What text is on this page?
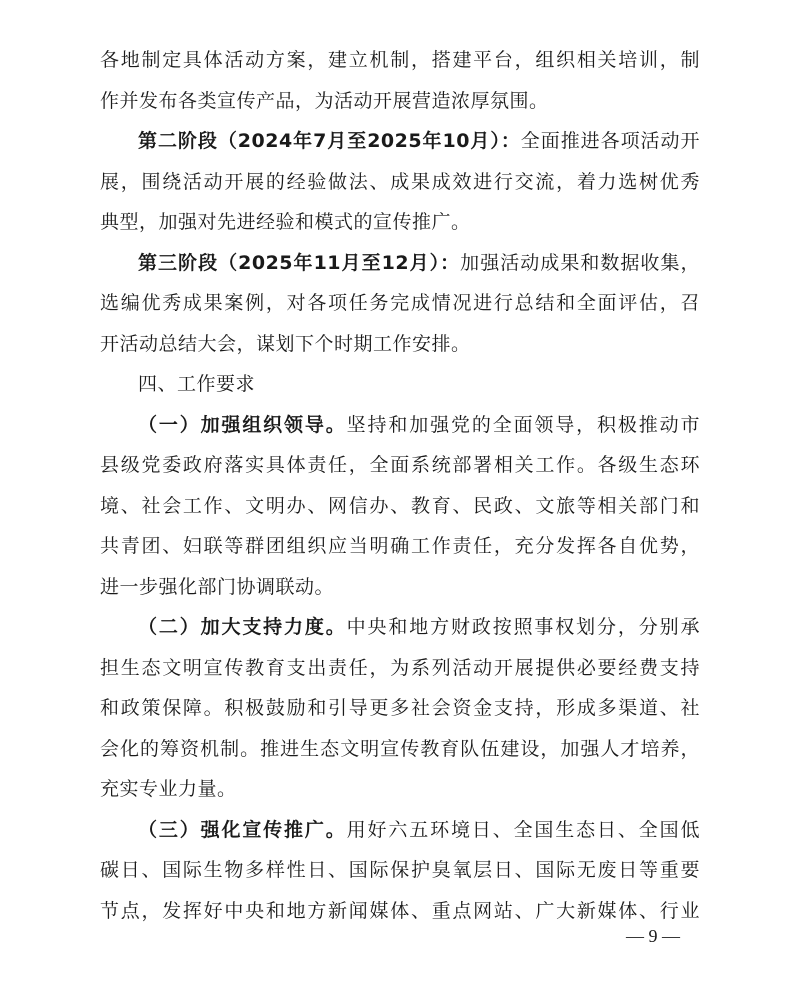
各地制定具体活动方案，建立机制，搭建平台，组织相关培训，制
作并发布各类宣传产品，为活动开展营造浓厚氛围。
第二阶段（2024年7月至2025年10月）：全面推进各项活动开
展，围绕活动开展的经验做法、成果成效进行交流，着力选树优秀
典型，加强对先进经验和模式的宣传推广。
第三阶段（2025年11月至12月）：加强活动成果和数据收集，
选编优秀成果案例，对各项任务完成情况进行总结和全面评估，召
开活动总结大会，谋划下个时期工作安排。
四、工作要求
（一）加强组织领导。坚持和加强党的全面领导，积极推动市
县级党委政府落实具体责任，全面系统部署相关工作。各级生态环
境、社会工作、文明办、网信办、教育、民政、文旅等相关部门和
共青团、妇联等群团组织应当明确工作责任，充分发挥各自优势，
进一步强化部门协调联动。
（二）加大支持力度。中央和地方财政按照事权划分，分别承
担生态文明宣传教育支出责任，为系列活动开展提供必要经费支持
和政策保障。积极鼓励和引导更多社会资金支持，形成多渠道、社
会化的筹资机制。推进生态文明宣传教育队伍建设，加强人才培养，
充实专业力量。
（三）强化宣传推广。用好六五环境日、全国生态日、全国低
碳日、国际生物多样性日、国际保护臭氧层日、国际无废日等重要
节点，发挥好中央和地方新闻媒体、重点网站、广大新媒体、行业
— 9 —
